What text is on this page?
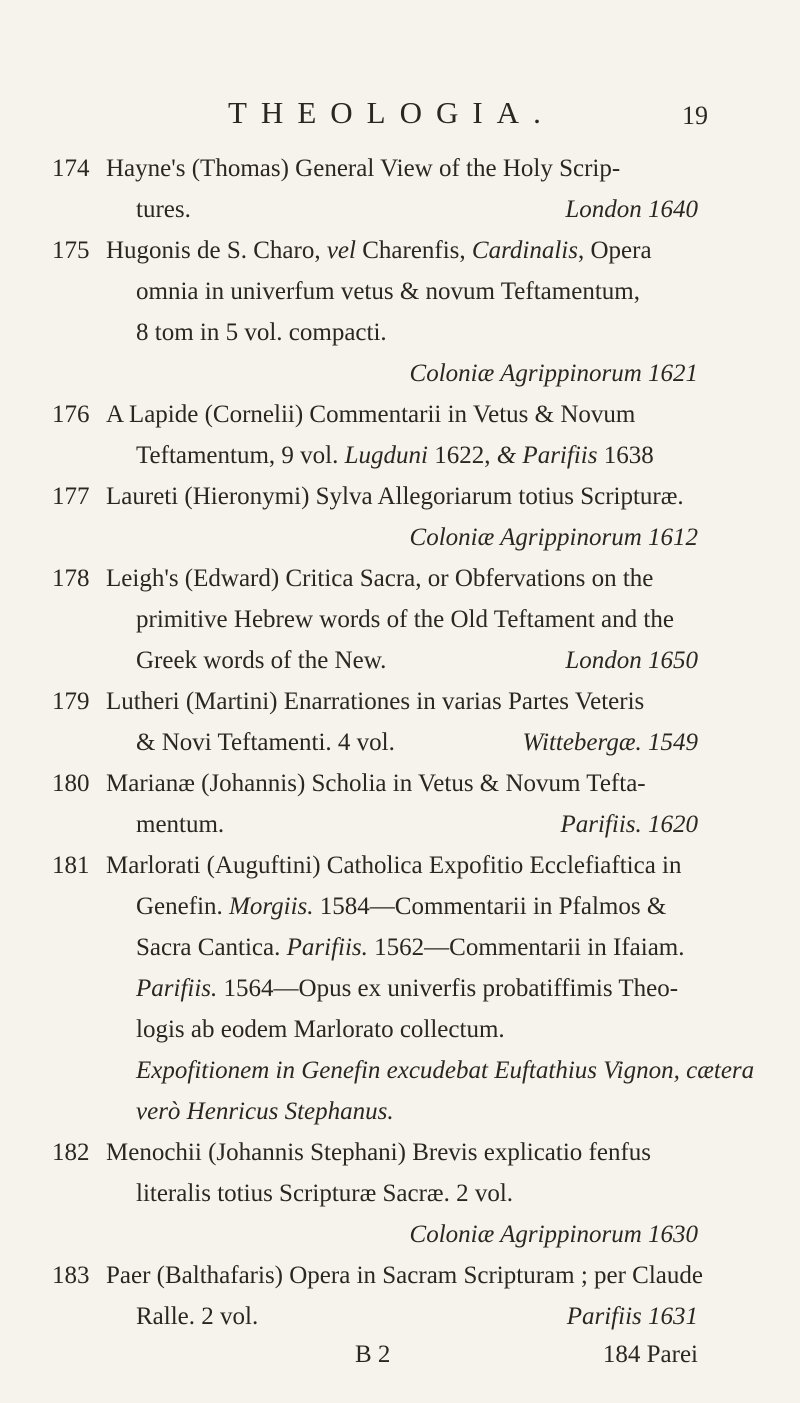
THEOLOGIA.	19
174 Hayne's (Thomas) General View of the Holy Scrip-
tures.	London 1640
175 Hugonis de S. Charo, vel Charenfis, Cardinalis, Opera
omnia in univerfum vetus & novum Teftamentum,
8 tom in 5 vol. compacti.
Coloniæ Agrippinorum 1621
176 A Lapide (Cornelii) Commentarii in Vetus & Novum
Teftamentum, 9 vol. Lugduni 1622, & Parifiis 1638
177 Laureti (Hieronymi) Sylva Allegoriarum totius Scripturæ.
Coloniæ Agrippinorum 1612
178 Leigh's (Edward) Critica Sacra, or Obfervations on the
primitive Hebrew words of the Old Teftament and the
Greek words of the New.	London 1650
179 Lutheri (Martini) Enarrationes in varias Partes Veteris
& Novi Teftamenti. 4 vol.	Wittebergæ. 1549
180 Marianæ (Johannis) Scholia in Vetus & Novum Tefta-
mentum.	Parifiis. 1620
181 Marlorati (Auguftini) Catholica Expofitio Ecclefiaftica in
Genefin. Morgiis. 1584—Commentarii in Pfalmos &
Sacra Cantica. Parifiis. 1562—Commentarii in Ifaiam.
Parifiis. 1564—Opus ex univerfis probatiffimis Theo-
logis ab eodem Marlorato collectum.
Expofitionem in Genefin excudebat Euftathius Vignon, cætera
verò Henricus Stephanus.
182 Menochii (Johannis Stephani) Brevis explicatio fenfus
literalis totius Scripturæ Sacræ. 2 vol.
Coloniæ Agrippinorum 1630
183 Paer (Balthafaris) Opera in Sacram Scripturam ; per Claude
Ralle. 2 vol.	Parifiis 1631
B 2	184 Parei
